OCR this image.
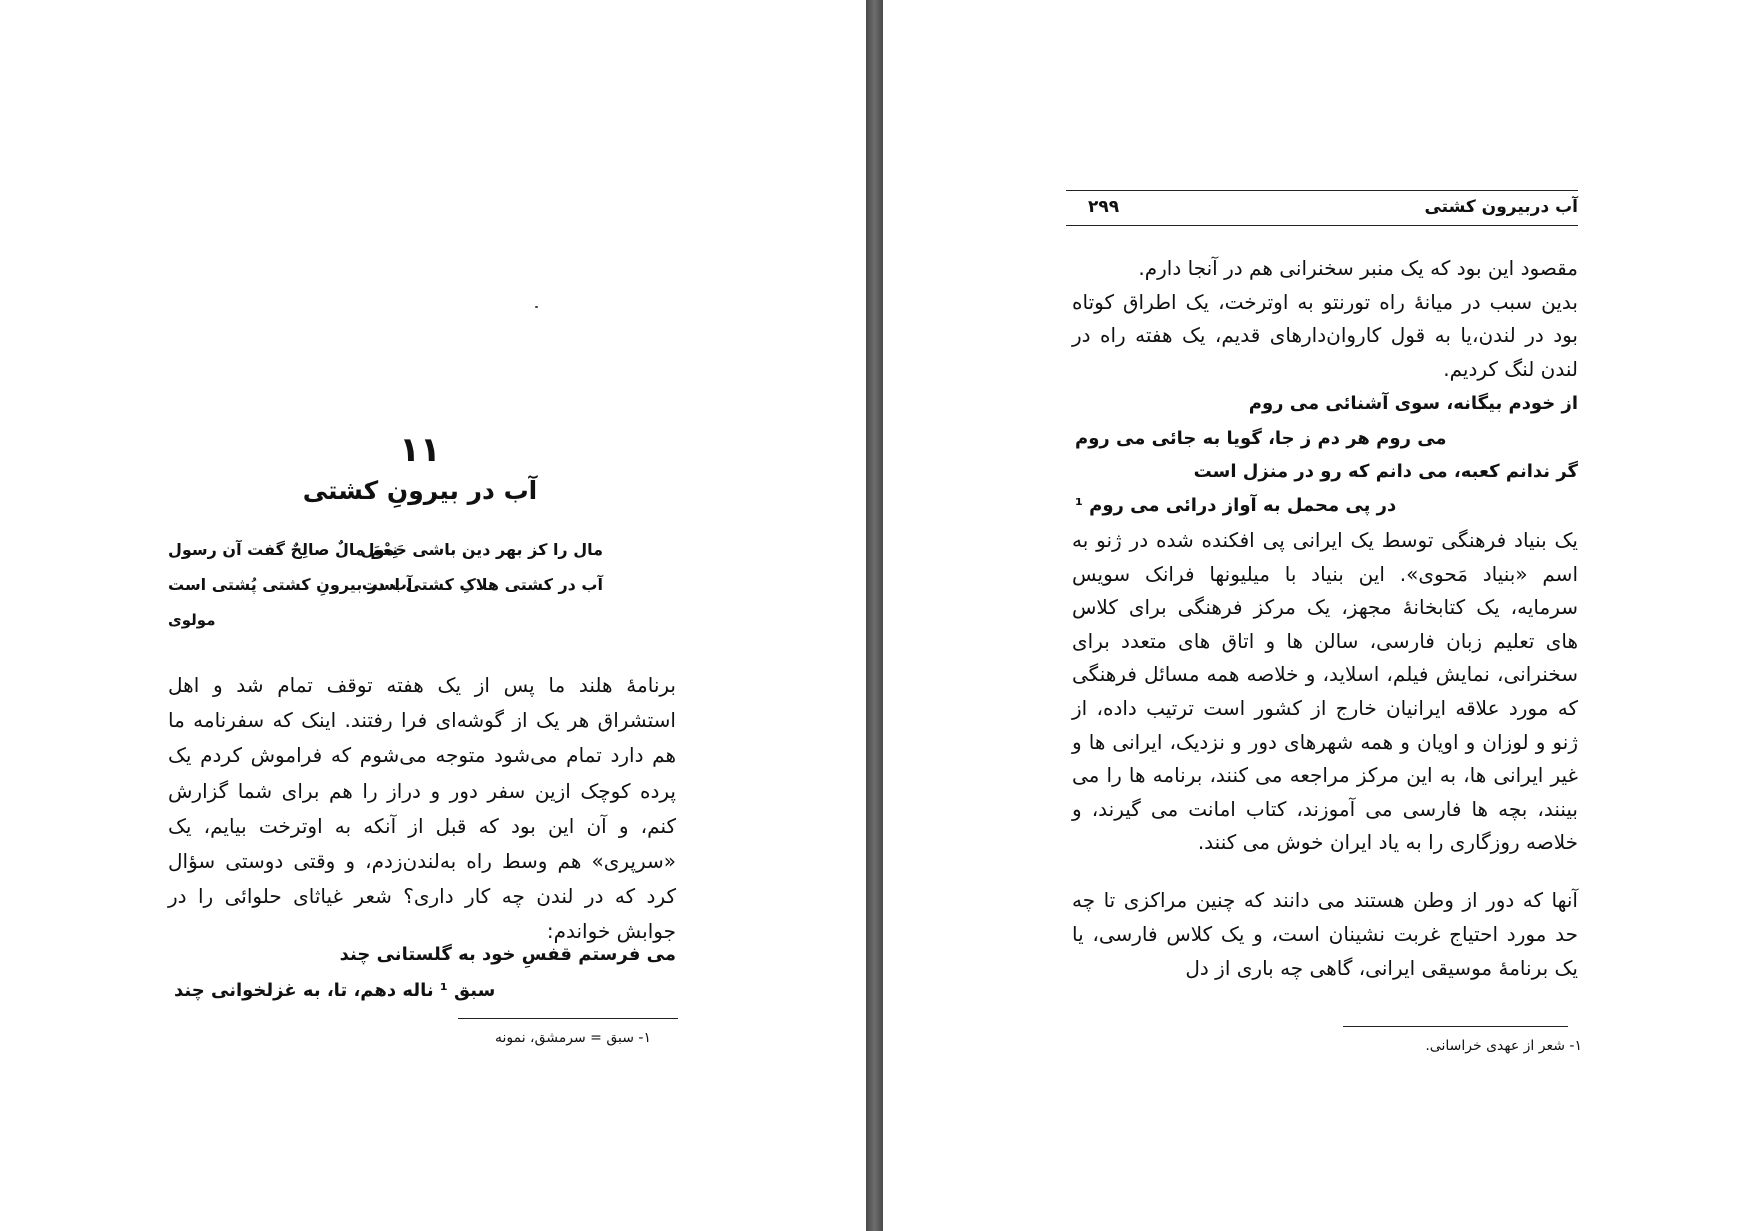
۱۱
آب در بیرونِ کشتی
مال را کز بهر دین باشی حَمول
نِعْمَ مالٌ صالِحٌ گفت آن رسول
آب در کشتی هلاکِ کشتی است
آب در بیرونِ کشتی پُشتی است
مولوی

برنامهٔ هلند ما پس از یک هفته توقف تمام شد و اهل استشراق هر یک از گوشه‌ای فرا رفتند. اینک که سفرنامه ما هم دارد تمام می‌شود متوجه می‌شوم که فراموش کردم یک پرده کوچک ازین سفر دور و دراز را هم برای شما گزارش کنم، و آن این بود که قبل از آنکه به اوترخت بیایم، یک «سرپری» هم وسط راه به‌لندن‌زدم، و وقتی دوستی سؤال کرد که در لندن چه کار داری؟ شعر غیاثای حلوائی را در جوابش خواندم:

می فرستم قفسِ خود به گلستانی چند
سبق ¹ ناله دهم، تا، به غزلخوانی چند
۱- سبق = سرمشق، نمونه
آب دربیرون کشتی
۲۹۹

مقصود این بود که یک منبر سخنرانی هم در آنجا دارم.

بدین سبب در میانهٔ راه تورنتو به اوترخت، یک اطراق کوتاه بود در لندن،یا به قول کاروان‌دارهای قدیم، یک هفته راه در لندن لنگ کردیم.

از خودم بیگانه، سوی آشنائی می روم
می روم هر دم ز جا، گویا به جائی می روم
گر ندانم کعبه، می دانم که رو در منزل است
در پی محمل به آواز درائی می روم ¹

یک بنیاد فرهنگی توسط یک ایرانی پی افکنده شده در ژنو به اسم «بنیاد مَحوی». این بنیاد با میلیونها فرانک سویس سرمایه، یک کتابخانهٔ مجهز، یک مرکز فرهنگی برای کلاس های تعلیم زبان فارسی، سالن ها و اتاق های متعدد برای سخنرانی، نمایش فیلم، اسلاید، و خلاصه همه مسائل فرهنگی که مورد علاقه ایرانیان خارج از کشور است ترتیب داده، از ژنو و لوزان و اویان و همه شهرهای دور و نزدیک، ایرانی ها و غیر ایرانی ها، به این مرکز مراجعه می کنند، برنامه ها را می بینند، بچه ها فارسی می آموزند، کتاب امانت می گیرند، و خلاصه روزگاری را به یاد ایران خوش می کنند.

آنها که دور از وطن هستند می دانند که چنین مراکزی تا چه حد مورد احتیاج غربت نشینان است، و یک کلاس فارسی، یا یک برنامهٔ موسیقی ایرانی، گاهی چه باری از دل

۱- شعر از عهدی خراسانی.
